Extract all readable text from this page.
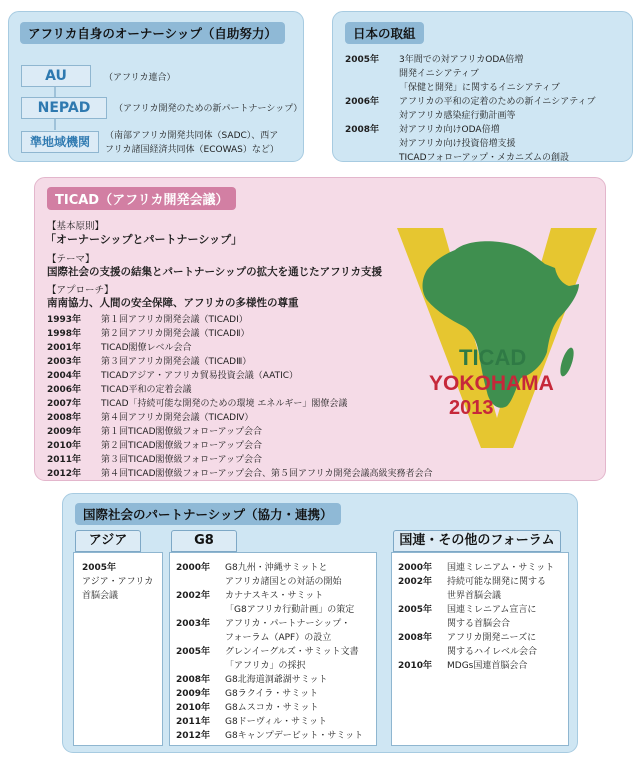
アフリカ自身のオーナーシップ（自助努力）
AU	（アフリカ連合）
NEPAD	（アフリカ開発のための新パートナーシップ）
準地域機関	（南部アフリカ開発共同体（SADC）、西ア
フリカ諸国経済共同体（ECOWAS）など）
日本の取組
2005年 3年間での対アフリカODA倍増
開発イニシアティブ
「保健と開発」に関するイニシアティブ
2006年 アフリカの平和の定着のための新イニシアティブ
対アフリカ感染症行動計画等
2008年 対アフリカ向けODA倍増
対アフリカ向け投資倍増支援
TICADフォローアップ・メカニズムの創設
TICAD（アフリカ開発会議）
【基本原則】
「オーナーシップとパートナーシップ」
【テーマ】
国際社会の支援の結集とパートナーシップの拡大を通じたアフリカ支援
【アプローチ】
南南協力、人間の安全保障、アフリカの多様性の尊重
1993年 第１回アフリカ開発会議（TICADⅠ）
1998年 第２回アフリカ開発会議（TICADⅡ）
2001年 TICAD閣僚レベル会合
2003年 第３回アフリカ開発会議（TICADⅢ）
2004年 TICADアジア・アフリカ貿易投資会議（AATIC）
2006年 TICAD平和の定着会議
2007年 TICAD「持続可能な開発のための環境 エネルギー」閣僚会議
2008年 第４回アフリカ開発会議（TICADⅣ）
2009年 第１回TICAD閣僚級フォローアップ会合
2010年 第２回TICAD閣僚級フォローアップ会合
2011年 第３回TICAD閣僚級フォローアップ会合
2012年 第４回TICAD閣僚級フォローアップ会合、第５回アフリカ開発会議高級実務者会合
TICAD
YOKOHAMA
2013
国際社会のパートナーシップ（協力・連携）
アジア
2005年
アジア・アフリカ
首脳会議
G8
2000年 G8九州・沖縄サミットと
アフリカ諸国との対話の開始
2002年 カナナスキス・サミット
「G8アフリカ行動計画」の策定
2003年 アフリカ・パートナーシップ・
フォーラム（APF）の設立
2005年 グレンイーグルズ・サミット文書
「アフリカ」の採択
2008年 G8北海道洞爺湖サミット
2009年 G8ラクイラ・サミット
2010年 G8ムスコカ・サミット
2011年 G8ドーヴィル・サミット
2012年 G8キャンプデービット・サミット
国連・その他のフォーラム
2000年 国連ミレニアム・サミット
2002年 持続可能な開発に関する
世界首脳会議
2005年 国連ミレニアム宣言に
関する首脳会合
2008年 アフリカ開発ニーズに
関するハイレベル会合
2010年 MDGs国連首脳会合
